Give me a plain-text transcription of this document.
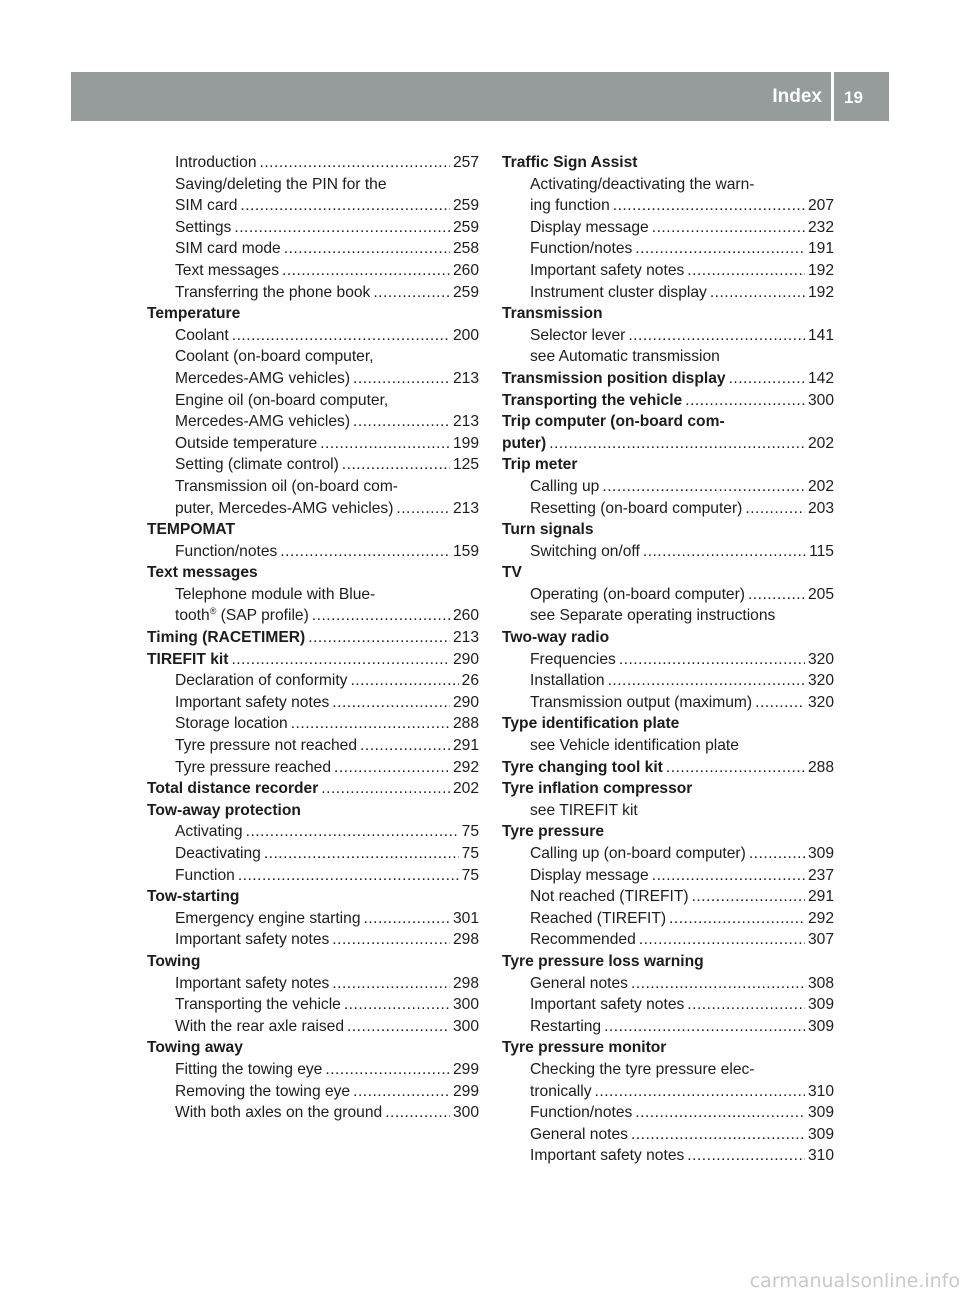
Index 19
Introduction .....	257
Saving/deleting the PIN for the
SIM card .....	259
Settings .....	259
SIM card mode .....	258
Text messages .....	260
Transferring the phone book .....	259
Temperature
Coolant .....	200
Coolant (on-board computer,
Mercedes-AMG vehicles) .....	213
Engine oil (on-board computer,
Mercedes-AMG vehicles) .....	213
Outside temperature .....	199
Setting (climate control) .....	125
Transmission oil (on-board com-
puter, Mercedes-AMG vehicles) .....	213
TEMPOMAT
Function/notes .....	159
Text messages
Telephone module with Blue-
tooth® (SAP profile) .....	260
Timing (RACETIMER) .....	213
TIREFIT kit .....	290
Declaration of conformity .....	26
Important safety notes .....	290
Storage location .....	288
Tyre pressure not reached .....	291
Tyre pressure reached .....	292
Total distance recorder .....	202
Tow-away protection
Activating .....	75
Deactivating .....	75
Function .....	75
Tow-starting
Emergency engine starting .....	301
Important safety notes .....	298
Towing
Important safety notes .....	298
Transporting the vehicle .....	300
With the rear axle raised .....	300
Towing away
Fitting the towing eye .....	299
Removing the towing eye .....	299
With both axles on the ground .....	300
Traffic Sign Assist
Activating/deactivating the warn-
ing function .....	207
Display message .....	232
Function/notes .....	191
Important safety notes .....	192
Instrument cluster display .....	192
Transmission
Selector lever .....	141
see Automatic transmission
Transmission position display .....	142
Transporting the vehicle .....	300
Trip computer (on-board com-
puter) .....	202
Trip meter
Calling up .....	202
Resetting (on-board computer) .....	203
Turn signals
Switching on/off .....	115
TV
Operating (on-board computer) .....	205
see Separate operating instructions
Two-way radio
Frequencies .....	320
Installation .....	320
Transmission output (maximum) .....	320
Type identification plate
see Vehicle identification plate
Tyre changing tool kit .....	288
Tyre inflation compressor
see TIREFIT kit
Tyre pressure
Calling up (on-board computer) .....	309
Display message .....	237
Not reached (TIREFIT) .....	291
Reached (TIREFIT) .....	292
Recommended .....	307
Tyre pressure loss warning
General notes .....	308
Important safety notes .....	309
Restarting .....	309
Tyre pressure monitor
Checking the tyre pressure elec-
tronically .....	310
Function/notes .....	309
General notes .....	309
Important safety notes .....	310
carmanualsonline.info
